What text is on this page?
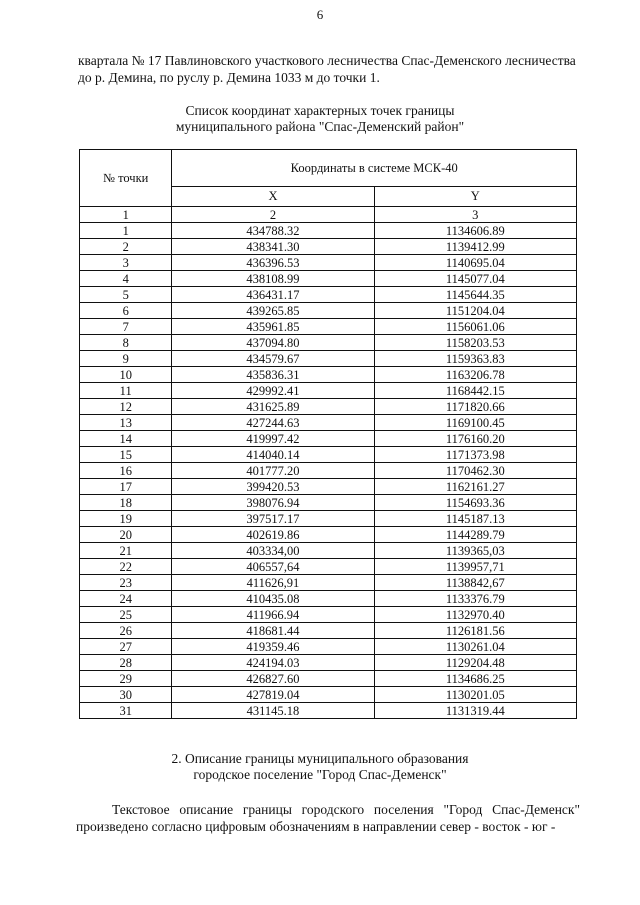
6
квартала № 17 Павлиновского участкового лесничества Спас-Деменского лесничества до р. Демина, по руслу р. Демина 1033 м до точки 1.
Список координат характерных точек границы
муниципального района "Спас-Деменский район"
№ точки	Координаты в системе МСК-40	
	X	Y
1	2	3
1	434788.32	1134606.89
2	438341.30	1139412.99
3	436396.53	1140695.04
4	438108.99	1145077.04
5	436431.17	1145644.35
6	439265.85	1151204.04
7	435961.85	1156061.06
8	437094.80	1158203.53
9	434579.67	1159363.83
10	435836.31	1163206.78
11	429992.41	1168442.15
12	431625.89	1171820.66
13	427244.63	1169100.45
14	419997.42	1176160.20
15	414040.14	1171373.98
16	401777.20	1170462.30
17	399420.53	1162161.27
18	398076.94	1154693.36
19	397517.17	1145187.13
20	402619.86	1144289.79
21	403334,00	1139365,03
22	406557,64	1139957,71
23	411626,91	1138842,67
24	410435.08	1133376.79
25	411966.94	1132970.40
26	418681.44	1126181.56
27	419359.46	1130261.04
28	424194.03	1129204.48
29	426827.60	1134686.25
30	427819.04	1130201.05
31	431145.18	1131319.44
2. Описание границы муниципального образования
городское поселение "Город Спас-Деменск"
Текстовое описание границы городского поселения "Город Спас-Деменск" произведено согласно цифровым обозначениям в направлении север - восток - юг -
